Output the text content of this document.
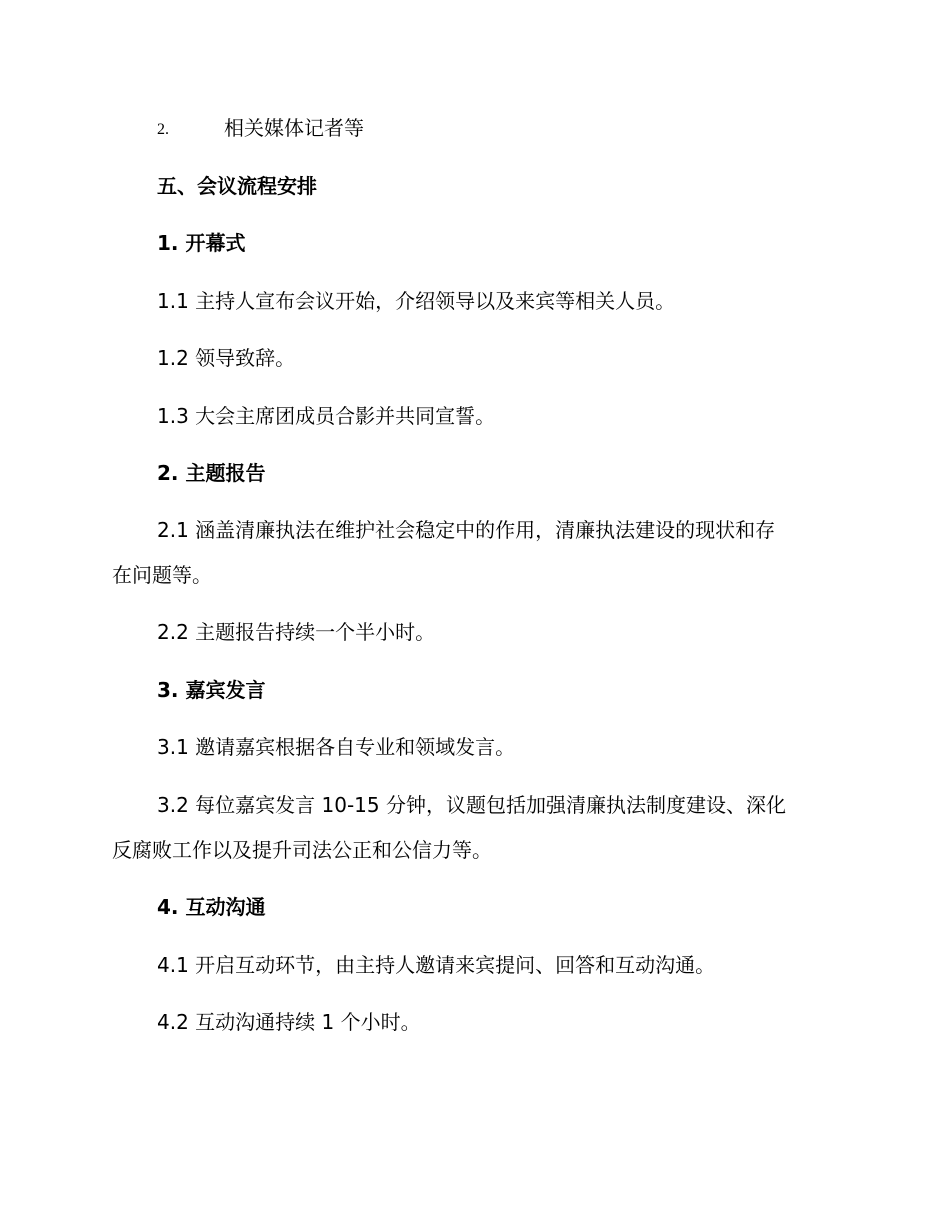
2.	相关媒体记者等
五、会议流程安排
1. 开幕式
1.1 主持人宣布会议开始，介绍领导以及来宾等相关人员。
1.2 领导致辞。
1.3 大会主席团成员合影并共同宣誓。
2. 主题报告
2.1 涵盖清廉执法在维护社会稳定中的作用，清廉执法建设的现状和存
在问题等。
2.2 主题报告持续一个半小时。
3. 嘉宾发言
3.1 邀请嘉宾根据各自专业和领域发言。
3.2 每位嘉宾发言 10-15 分钟，议题包括加强清廉执法制度建设、深化
反腐败工作以及提升司法公正和公信力等。
4. 互动沟通
4.1 开启互动环节，由主持人邀请来宾提问、回答和互动沟通。
4.2 互动沟通持续 1 个小时。
